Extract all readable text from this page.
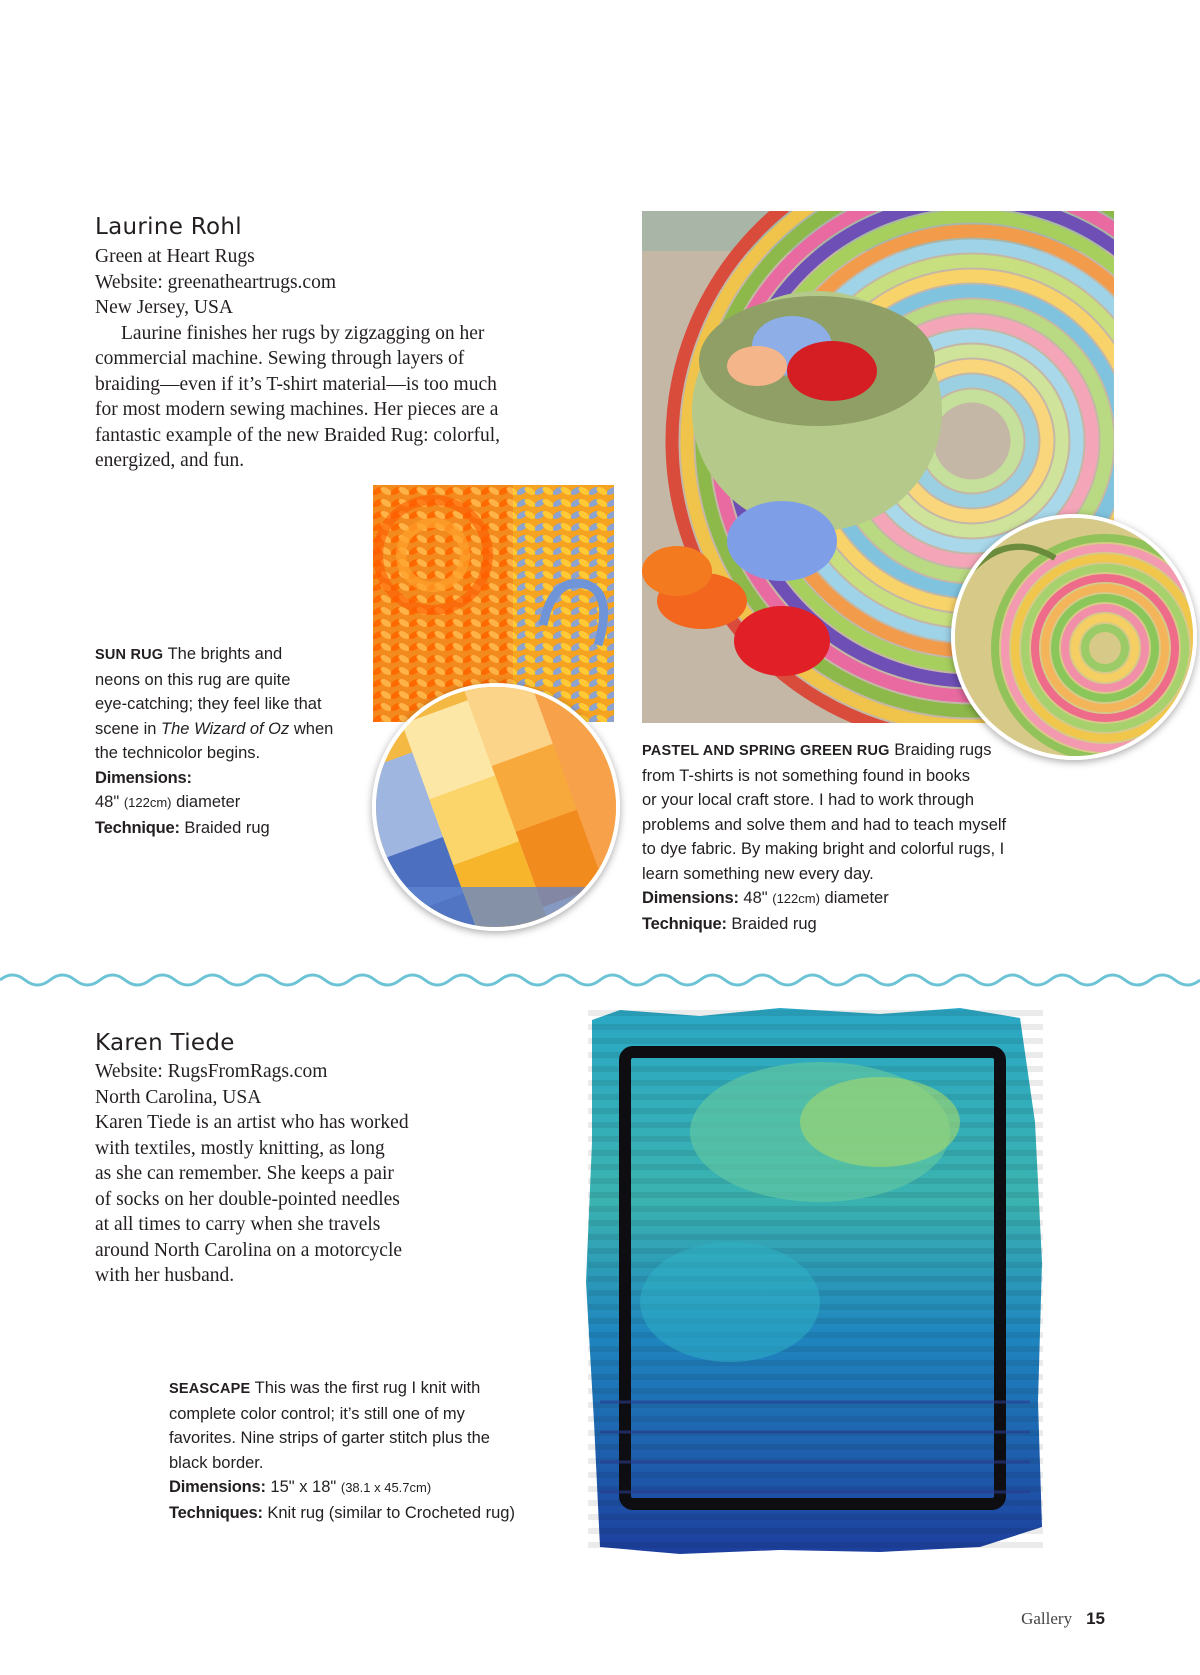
Laurine Rohl
Green at Heart Rugs
Website: greenatheartrugs.com
New Jersey, USA
Laurine finishes her rugs by zigzagging on her
commercial machine. Sewing through layers of
braiding—even if it’s T-shirt material—is too much
for most modern sewing machines. Her pieces are a
fantastic example of the new Braided Rug: colorful,
energized, and fun.
SUN RUG The brights and
neons on this rug are quite
eye-catching; they feel like that
scene in The Wizard of Oz when
the technicolor begins.
Dimensions:
48" (122cm) diameter
Technique: Braided rug
PASTEL AND SPRING GREEN RUG Braiding rugs
from T-shirts is not something found in books
or your local craft store. I had to work through
problems and solve them and had to teach myself
to dye fabric. By making bright and colorful rugs, I
learn something new every day.
Dimensions: 48" (122cm) diameter
Technique: Braided rug
Karen Tiede
Website: RugsFromRags.com
North Carolina, USA
Karen Tiede is an artist who has worked
with textiles, mostly knitting, as long
as she can remember. She keeps a pair
of socks on her double-pointed needles
at all times to carry when she travels
around North Carolina on a motorcycle
with her husband.
SEASCAPE This was the first rug I knit with
complete color control; it’s still one of my
favorites. Nine strips of garter stitch plus the
black border.
Dimensions: 15" x 18" (38.1 x 45.7cm)
Techniques: Knit rug (similar to Crocheted rug)
Gallery 15
